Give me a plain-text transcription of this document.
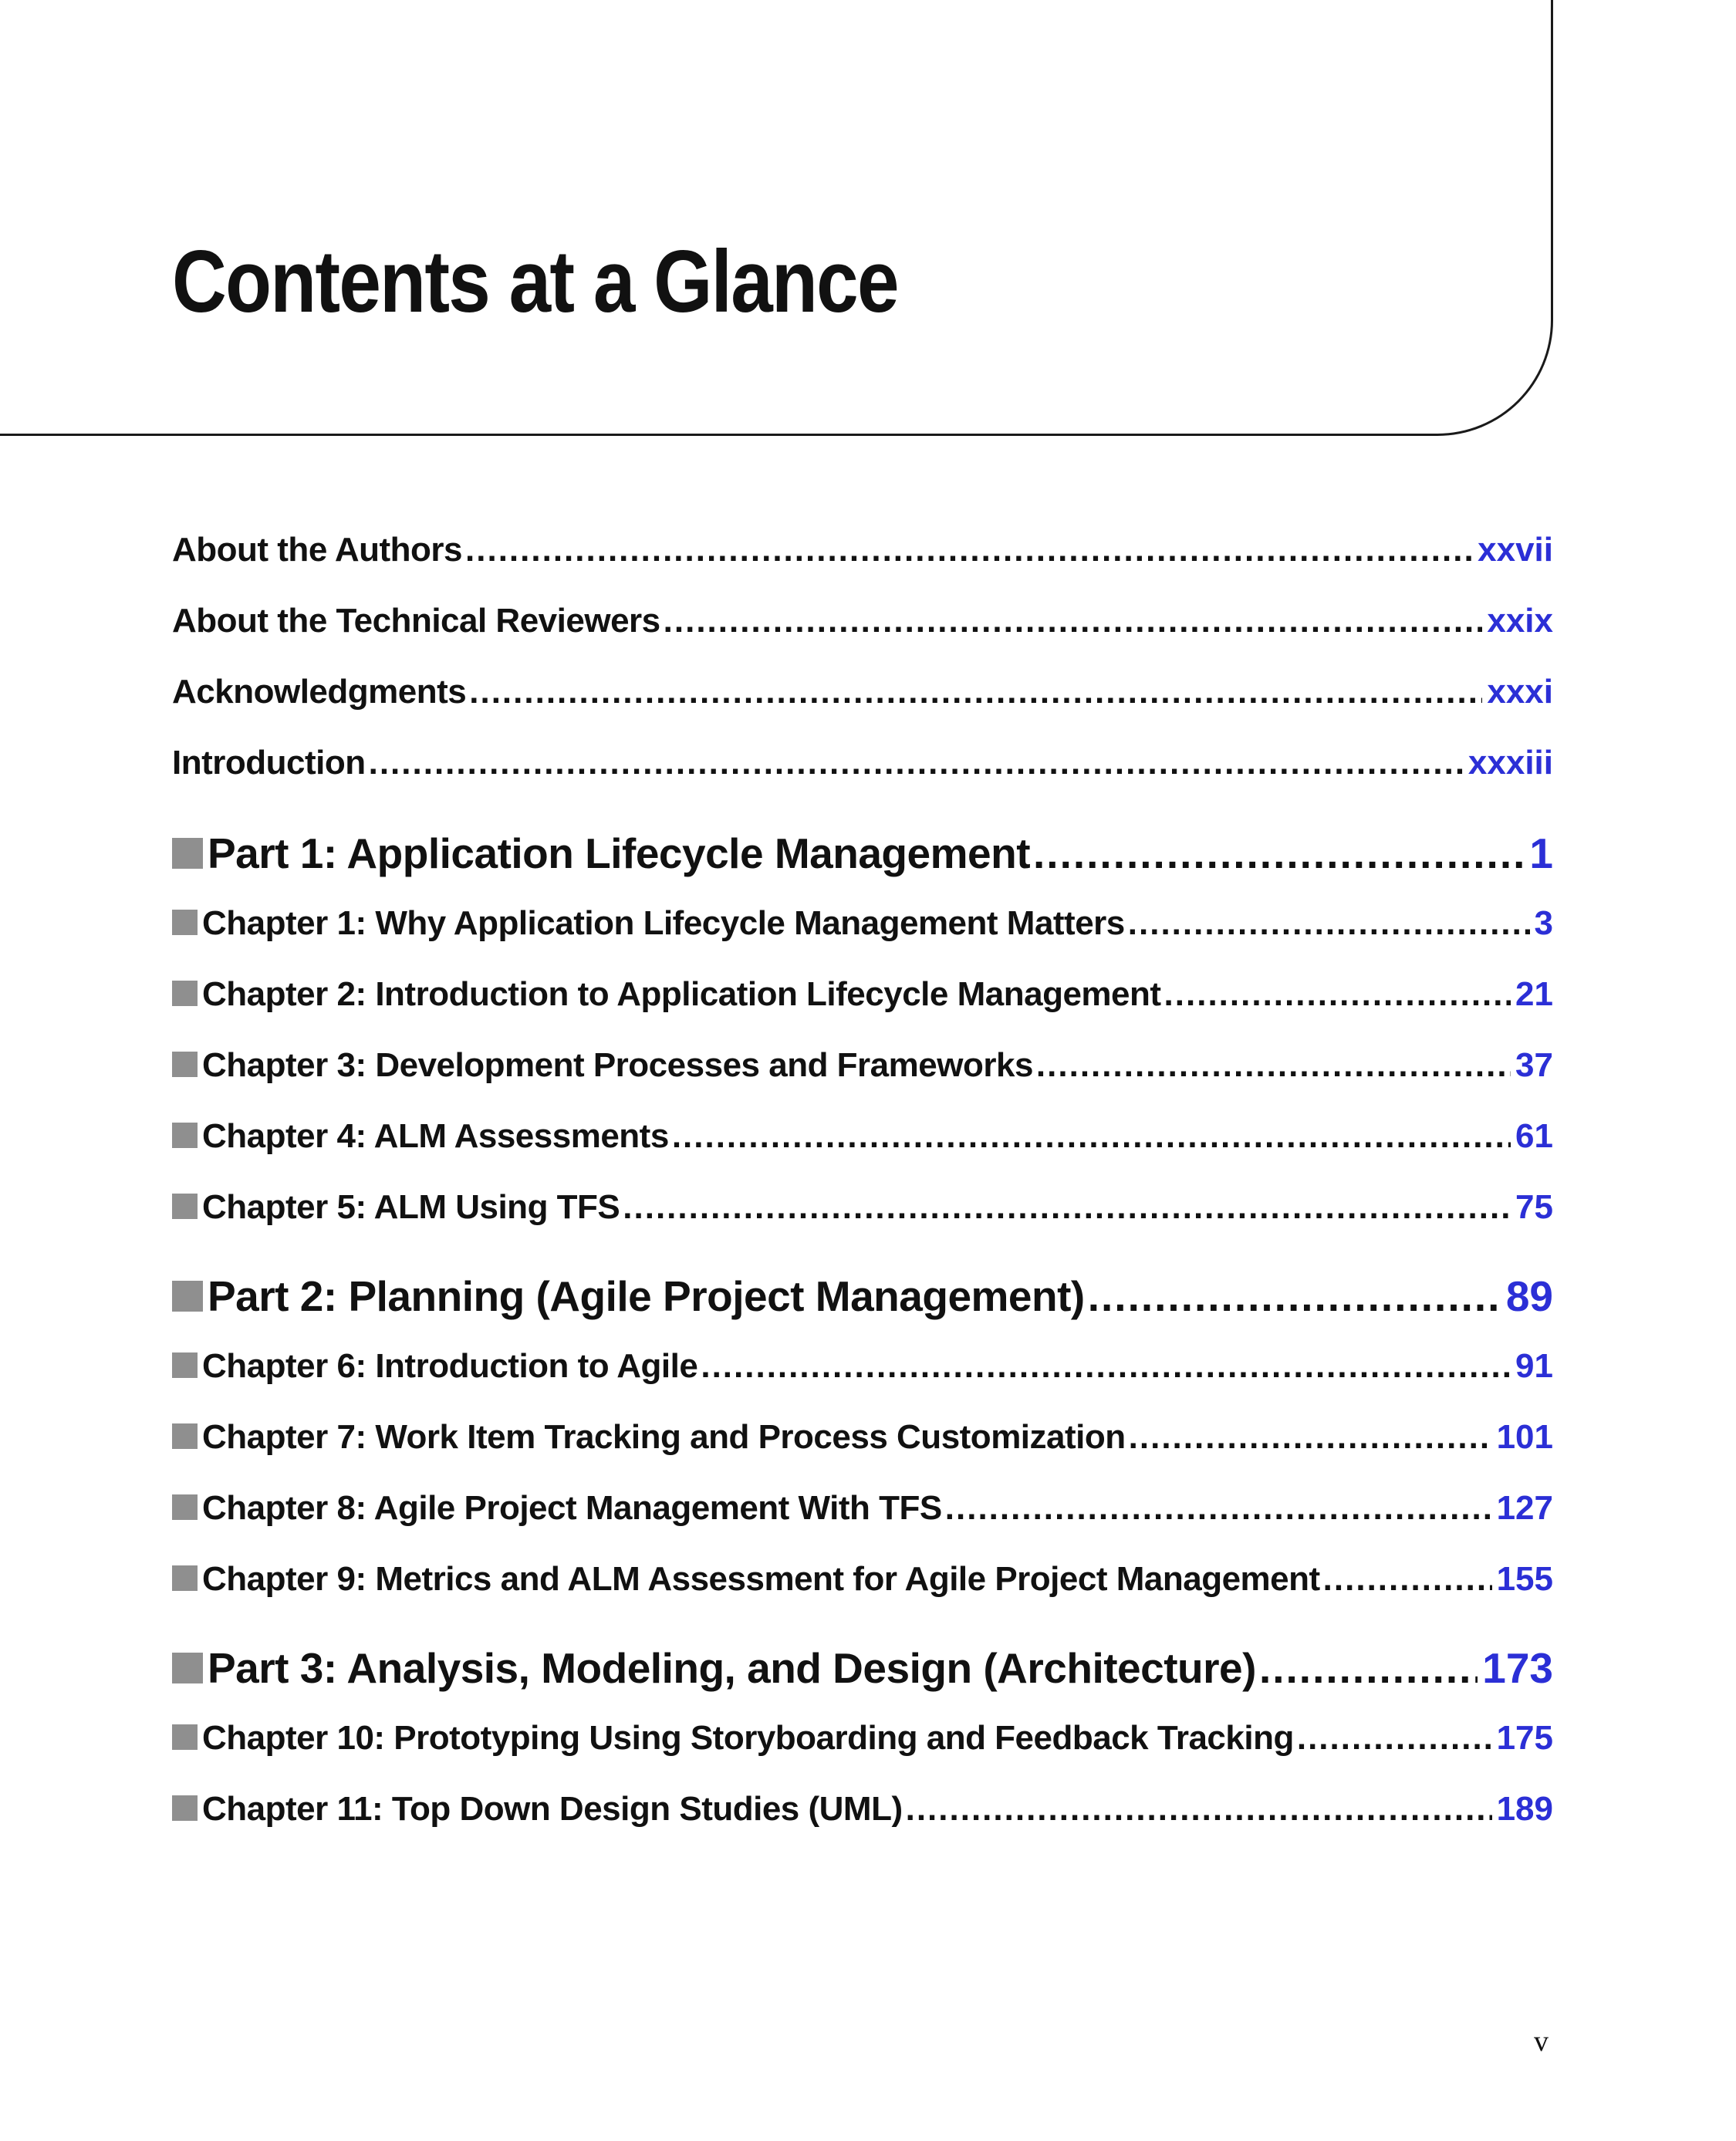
Contents at a Glance
About the Authors .....	xxvii
About the Technical Reviewers .....	xxix
Acknowledgments .....	xxxi
Introduction .....	xxxiii
Part 1: Application Lifecycle Management .....	1
Chapter 1: Why Application Lifecycle Management Matters .....	3
Chapter 2: Introduction to Application Lifecycle Management .....	21
Chapter 3: Development Processes and Frameworks .....	37
Chapter 4: ALM Assessments .....	61
Chapter 5: ALM Using TFS .....	75
Part 2: Planning (Agile Project Management) .....	89
Chapter 6: Introduction to Agile .....	91
Chapter 7: Work Item Tracking and Process Customization .....	101
Chapter 8: Agile Project Management With TFS .....	127
Chapter 9: Metrics and ALM Assessment for Agile Project Management .....	155
Part 3: Analysis, Modeling, and Design (Architecture) .....	173
Chapter 10: Prototyping Using Storyboarding and Feedback Tracking .....	175
Chapter 11: Top Down Design Studies (UML) .....	189
v
